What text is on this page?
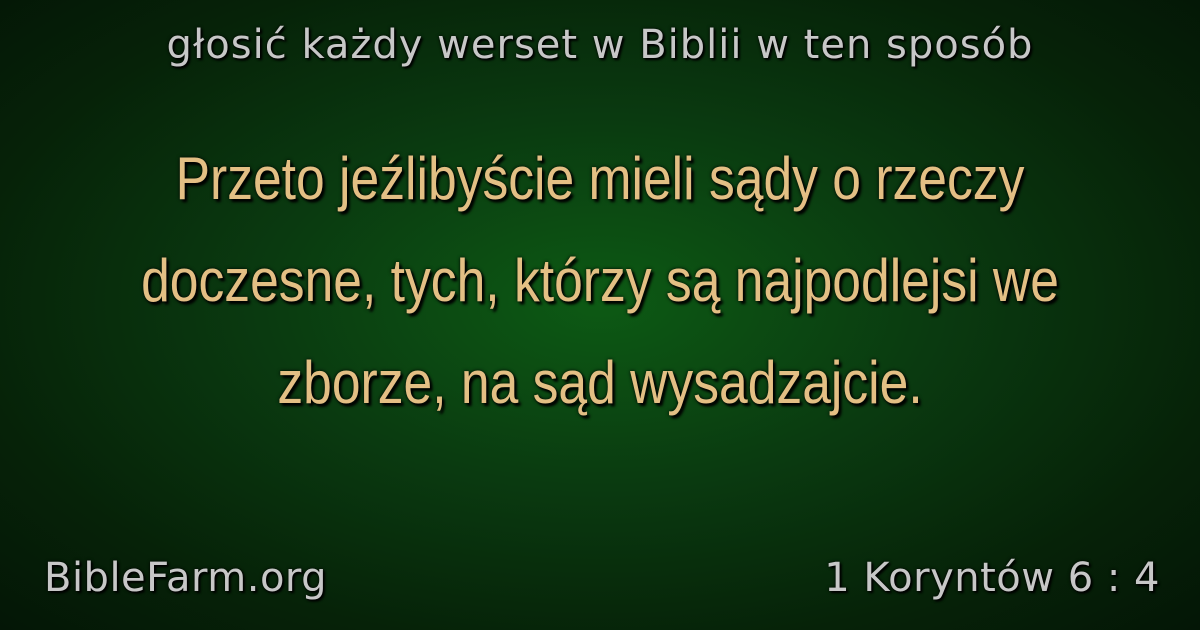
głosić każdy werset w Biblii w ten sposób
Przeto jeźlibyście mieli sądy o rzeczy doczesne, tych, którzy są najpodlejsi we zborze, na sąd wysadzajcie.
BibleFarm.org	1 Koryntów 6 : 4
